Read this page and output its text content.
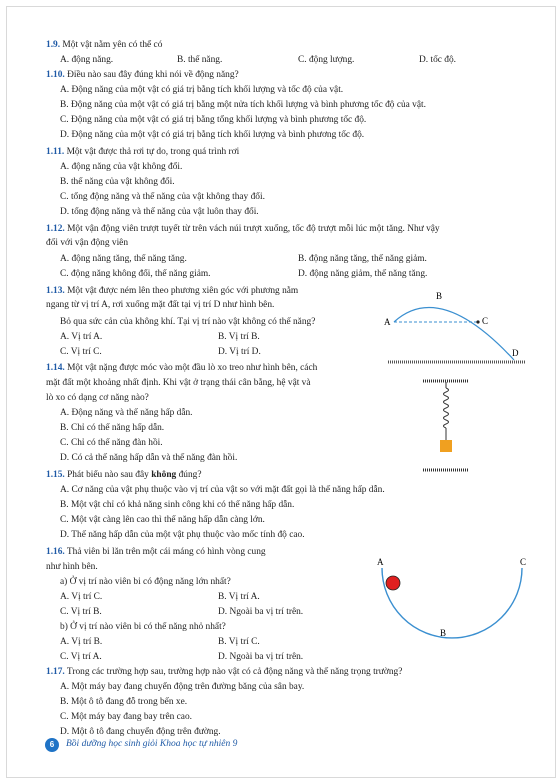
1.9. Một vật nằm yên có thể có
A. động năng.	B. thế năng.	C. động lượng.	D. tốc độ.
1.10. Điều nào sau đây đúng khi nói về động năng?
A. Động năng của một vật có giá trị bằng tích khối lượng và tốc độ của vật.
B. Động năng của một vật có giá trị bằng một nửa tích khối lượng và bình phương tốc độ của vật.
C. Động năng của một vật có giá trị bằng tổng khối lượng và bình phương tốc độ.
D. Động năng của một vật có giá trị bằng tích khối lượng và bình phương tốc độ.
1.11. Một vật được thả rơi tự do, trong quá trình rơi
A. động năng của vật không đổi.
B. thế năng của vật không đổi.
C. tổng động năng và thế năng của vật không thay đổi.
D. tổng động năng và thế năng của vật luôn thay đổi.
1.12. Một vận động viên trượt tuyết từ trên vách núi trượt xuống, tốc độ trượt mỗi lúc một tăng. Như vậy
đối với vận động viên
A. động năng tăng, thế năng tăng.	B. động năng tăng, thế năng giảm.
C. động năng không đổi, thế năng giảm.	D. động năng giảm, thế năng tăng.
1.13. Một vật được ném lên theo phương xiên góc với phương nằm
ngang từ vị trí A, rơi xuống mặt đất tại vị trí D như hình bên.
Bỏ qua sức cản của không khí. Tại vị trí nào vật không có thế năng?
A. Vị trí A.	B. Vị trí B.
C. Vị trí C.	D. Vị trí D.
A
B
C
D
1.14. Một vật nặng được móc vào một đầu lò xo treo như hình bên, cách
mặt đất một khoảng nhất định. Khi vật ở trạng thái cân bằng, hệ vật và
lò xo có dạng cơ năng nào?
A. Động năng và thế năng hấp dẫn.
B. Chỉ có thế năng hấp dẫn.
C. Chỉ có thế năng đàn hồi.
D. Có cả thế năng hấp dẫn và thế năng đàn hồi.
1.15. Phát biểu nào sau đây không đúng?
A. Cơ năng của vật phụ thuộc vào vị trí của vật so với mặt đất gọi là thế năng hấp dẫn.
B. Một vật chỉ có khả năng sinh công khi có thế năng hấp dẫn.
C. Một vật càng lên cao thì thế năng hấp dẫn càng lớn.
D. Thế năng hấp dẫn của một vật phụ thuộc vào mốc tính độ cao.
1.16. Thả viên bi lăn trên một cái máng có hình vòng cung
như hình bên.
a) Ở vị trí nào viên bi có động năng lớn nhất?
A. Vị trí C.	B. Vị trí A.
C. Vị trí B.	D. Ngoài ba vị trí trên.
b) Ở vị trí nào viên bi có thế năng nhỏ nhất?
A. Vị trí B.	B. Vị trí C.
C. Vị trí A.	D. Ngoài ba vị trí trên.
A	C
B
1.17. Trong các trường hợp sau, trường hợp nào vật có cả động năng và thế năng trọng trường?
A. Một máy bay đang chuyển động trên đường băng của sân bay.
B. Một ô tô đang đỗ trong bến xe.
C. Một máy bay đang bay trên cao.
D. Một ô tô đang chuyển động trên đường.
6	Bồi dưỡng học sinh giỏi Khoa học tự nhiên 9
